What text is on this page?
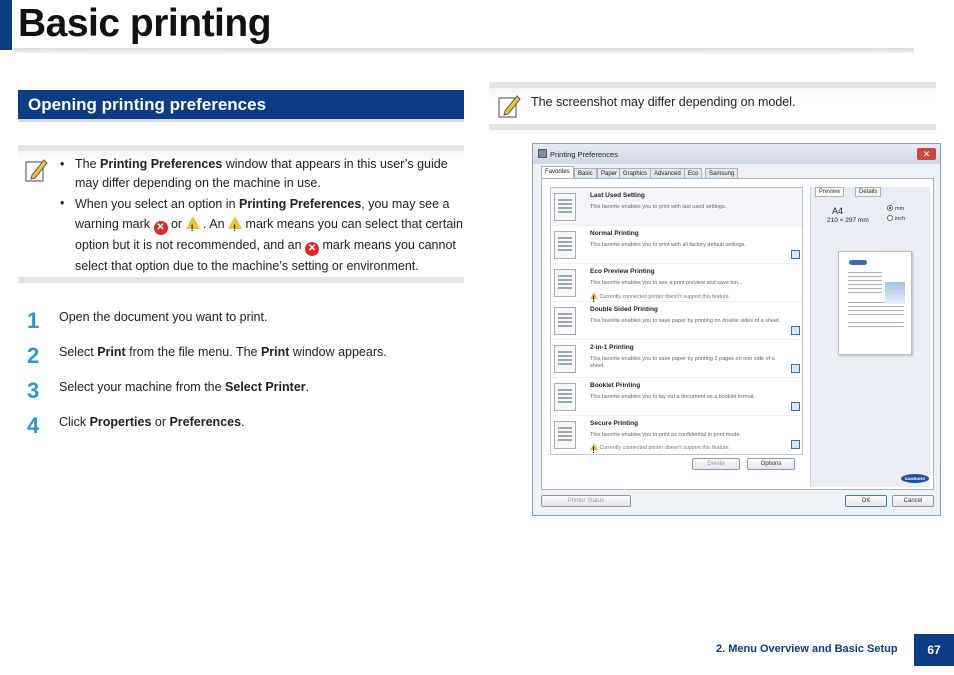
Basic printing
Opening printing preferences
• The Printing Preferences window that appears in this user’s guide may differ depending on the machine in use.
• When you select an option in Printing Preferences, you may see a warning mark ✕ or ! . An ! mark means you can select that certain option but it is not recommended, and an ✕ mark means you cannot select that option due to the machine’s setting or environment.
1 Open the document you want to print.
2 Select Print from the file menu. The Print window appears.
3 Select your machine from the Select Printer.
4 Click Properties or Preferences.
The screenshot may differ depending on model.
Printing Preferences	✕
Favorites	Basic	Paper Graphics	Advanced	Eco	Samsung
Last Used Setting
This favorite enables you to print with last used settings.
Normal Printing
This favorite enables you to print with all factory default settings.
Eco Preview Printing
This favorite enables you to see a print preview and save ton...
! Currently connected printer doesn't support this feature.
Double Sided Printing
This favorite enables you to save paper by printing on double sides of a sheet.
2-in-1 Printing
This favorite enables you to save paper by printing 2 pages on one side of a sheet.
Booklet Printing
This favorite enables you to lay out a document as a booklet format.
Secure Printing
This favorite enables you to print as confidential in print mode.
! Currently connected printer doesn't support this feature.
Delete	Options
Preview	Details
A4
210 × 297 mm
mm
inch
SAMSUNG
Printer Status	OK	Cancel
2. Menu Overview and Basic Setup	67
